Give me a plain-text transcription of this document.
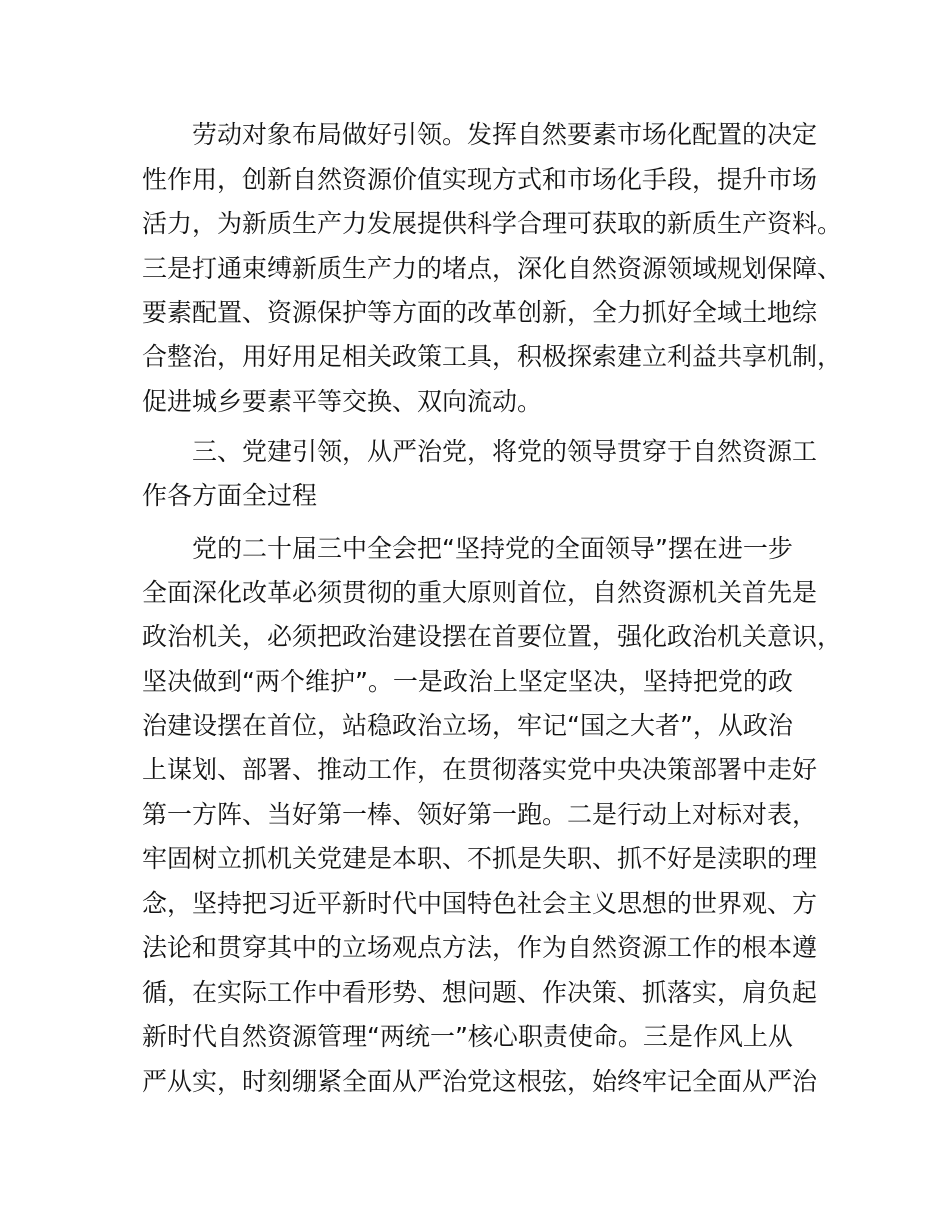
劳动对象布局做好引领。发挥自然要素市场化配置的决定
性作用，创新自然资源价值实现方式和市场化手段，提升市场
活力，为新质生产力发展提供科学合理可获取的新质生产资料。
三是打通束缚新质生产力的堵点，深化自然资源领域规划保障、
要素配置、资源保护等方面的改革创新，全力抓好全域土地综
合整治，用好用足相关政策工具，积极探索建立利益共享机制，
促进城乡要素平等交换、双向流动。
三、党建引领，从严治党，将党的领导贯穿于自然资源工
作各方面全过程
党的二十届三中全会把“坚持党的全面领导”摆在进一步
全面深化改革必须贯彻的重大原则首位，自然资源机关首先是
政治机关，必须把政治建设摆在首要位置，强化政治机关意识，
坚决做到“两个维护”。一是政治上坚定坚决，坚持把党的政
治建设摆在首位，站稳政治立场，牢记“国之大者”，从政治
上谋划、部署、推动工作，在贯彻落实党中央决策部署中走好
第一方阵、当好第一棒、领好第一跑。二是行动上对标对表，
牢固树立抓机关党建是本职、不抓是失职、抓不好是渎职的理
念，坚持把习近平新时代中国特色社会主义思想的世界观、方
法论和贯穿其中的立场观点方法，作为自然资源工作的根本遵
循，在实际工作中看形势、想问题、作决策、抓落实，肩负起
新时代自然资源管理“两统一”核心职责使命。三是作风上从
严从实，时刻绷紧全面从严治党这根弦，始终牢记全面从严治
